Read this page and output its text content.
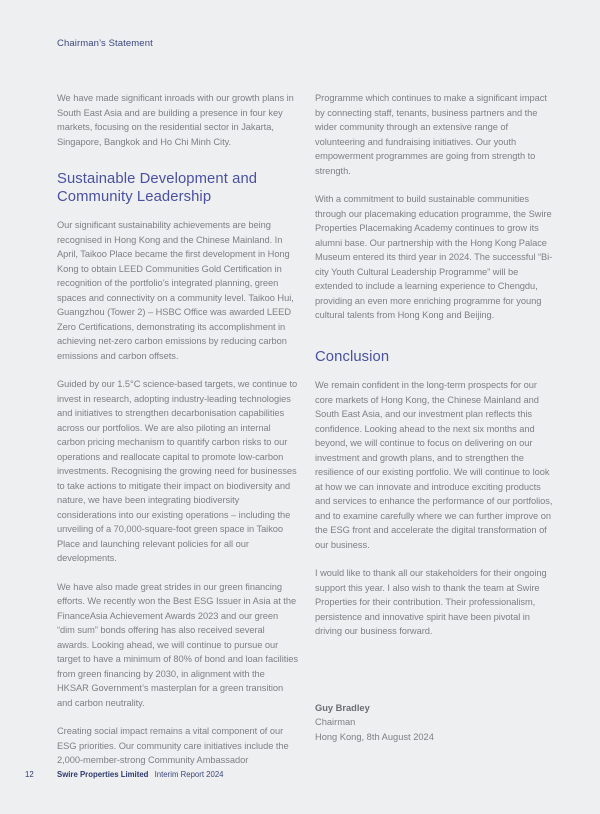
Chairman’s Statement

We have made significant inroads with our growth plans in South East Asia and are building a presence in four key markets, focusing on the residential sector in Jakarta, Singapore, Bangkok and Ho Chi Minh City.

Sustainable Development and Community Leadership

Our significant sustainability achievements are being recognised in Hong Kong and the Chinese Mainland. In April, Taikoo Place became the first development in Hong Kong to obtain LEED Communities Gold Certification in recognition of the portfolio’s integrated planning, green spaces and connectivity on a community level. Taikoo Hui, Guangzhou (Tower 2) – HSBC Office was awarded LEED Zero Certifications, demonstrating its accomplishment in achieving net-zero carbon emissions by reducing carbon emissions and carbon offsets.

Guided by our 1.5°C science-based targets, we continue to invest in research, adopting industry-leading technologies and initiatives to strengthen decarbonisation capabilities across our portfolios. We are also piloting an internal carbon pricing mechanism to quantify carbon risks to our operations and reallocate capital to promote low-carbon investments. Recognising the growing need for businesses to take actions to mitigate their impact on biodiversity and nature, we have been integrating biodiversity considerations into our existing operations – including the unveiling of a 70,000-square-foot green space in Taikoo Place and launching relevant policies for all our developments.

We have also made great strides in our green financing efforts. We recently won the Best ESG Issuer in Asia at the FinanceAsia Achievement Awards 2023 and our green “dim sum” bonds offering has also received several awards. Looking ahead, we will continue to pursue our target to have a minimum of 80% of bond and loan facilities from green financing by 2030, in alignment with the HKSAR Government’s masterplan for a green transition and carbon neutrality.

Creating social impact remains a vital component of our ESG priorities. Our community care initiatives include the 2,000-member-strong Community Ambassador

Programme which continues to make a significant impact by connecting staff, tenants, business partners and the wider community through an extensive range of volunteering and fundraising initiatives. Our youth empowerment programmes are going from strength to strength.

With a commitment to build sustainable communities through our placemaking education programme, the Swire Properties Placemaking Academy continues to grow its alumni base. Our partnership with the Hong Kong Palace Museum entered its third year in 2024. The successful “Bi-city Youth Cultural Leadership Programme” will be extended to include a learning experience to Chengdu, providing an even more enriching programme for young cultural talents from Hong Kong and Beijing.

Conclusion

We remain confident in the long-term prospects for our core markets of Hong Kong, the Chinese Mainland and South East Asia, and our investment plan reflects this confidence. Looking ahead to the next six months and beyond, we will continue to focus on delivering on our investment and growth plans, and to strengthen the resilience of our existing portfolio. We will continue to look at how we can innovate and introduce exciting products and services to enhance the performance of our portfolios, and to examine carefully where we can further improve on the ESG front and accelerate the digital transformation of our business.

I would like to thank all our stakeholders for their ongoing support this year. I also wish to thank the team at Swire Properties for their contribution. Their professionalism, persistence and innovative spirit have been pivotal in driving our business forward.

Guy Bradley
Chairman
Hong Kong, 8th August 2024
12	Swire Properties Limited Interim Report 2024
